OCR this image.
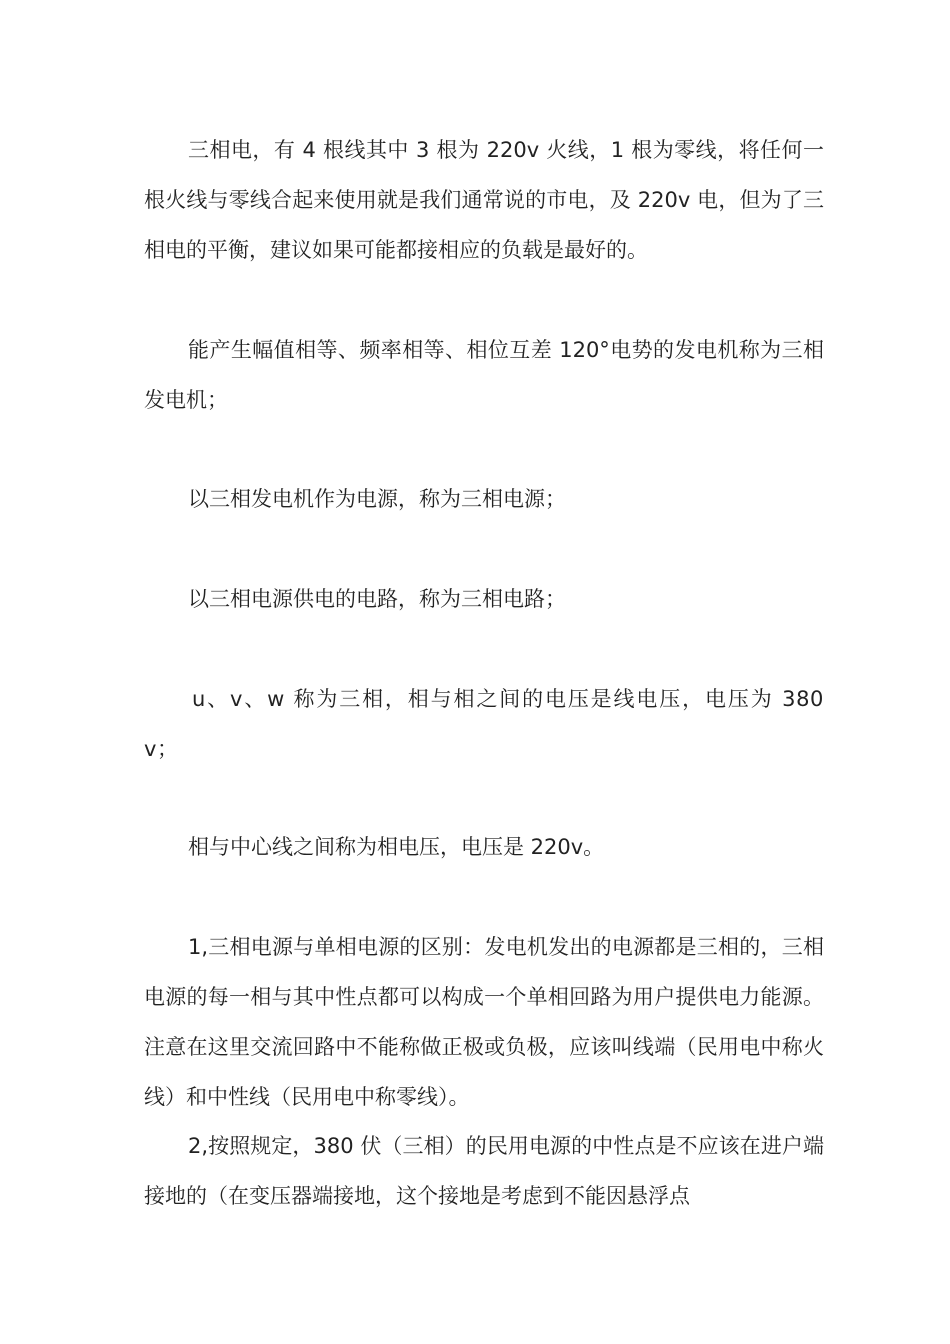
三相电，有 4 根线其中 3 根为 220v 火线，1 根为零线，将任何一根火线与零线合起来使用就是我们通常说的市电，及 220v 电，但为了三相电的平衡，建议如果可能都接相应的负载是最好的。

能产生幅值相等、频率相等、相位互差 120°电势的发电机称为三相发电机；

以三相发电机作为电源，称为三相电源；

以三相电源供电的电路，称为三相电路；

u、v、w 称为三相，相与相之间的电压是线电压，电压为 380v；

相与中心线之间称为相电压，电压是 220v。

1,三相电源与单相电源的区别：发电机发出的电源都是三相的，三相电源的每一相与其中性点都可以构成一个单相回路为用户提供电力能源。注意在这里交流回路中不能称做正极或负极，应该叫线端（民用电中称火线）和中性线（民用电中称零线）。

2,按照规定，380 伏（三相）的民用电源的中性点是不应该在进户端接地的（在变压器端接地，这个接地是考虑到不能因悬浮点
